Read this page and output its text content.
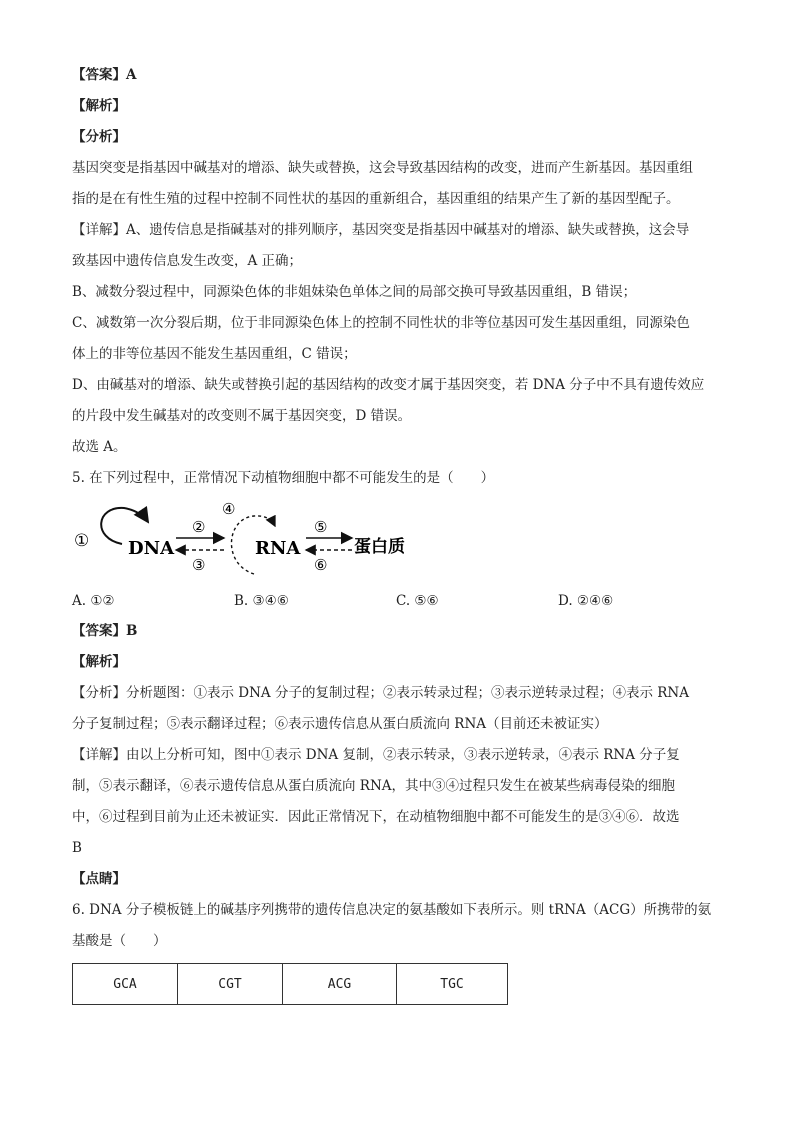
【答案】A
【解析】
【分析】
基因突变是指基因中碱基对的增添、缺失或替换，这会导致基因结构的改变，进而产生新基因。基因重组
指的是在有性生殖的过程中控制不同性状的基因的重新组合，基因重组的结果产生了新的基因型配子。
【详解】A、遗传信息是指碱基对的排列顺序，基因突变是指基因中碱基对的增添、缺失或替换，这会导
致基因中遗传信息发生改变，A 正确；
B、减数分裂过程中，同源染色体的非姐妹染色单体之间的局部交换可导致基因重组，B 错误；
C、减数第一次分裂后期，位于非同源染色体上的控制不同性状的非等位基因可发生基因重组，同源染色
体上的非等位基因不能发生基因重组，C 错误；
D、由碱基对的增添、缺失或替换引起的基因结构的改变才属于基因突变，若 DNA 分子中不具有遗传效应
的片段中发生碱基对的改变则不属于基因突变，D 错误。
故选 A。
5. 在下列过程中，正常情况下动植物细胞中都不可能发生的是（　　）
① DNA
②
③
④
RNA
⑤
⑥
蛋白质
A. ①②	B. ③④⑥	C. ⑤⑥	D. ②④⑥
【答案】B
【解析】
【分析】分析题图：①表示 DNA 分子的复制过程；②表示转录过程；③表示逆转录过程；④表示 RNA
分子复制过程；⑤表示翻译过程；⑥表示遗传信息从蛋白质流向 RNA（目前还未被证实）
【详解】由以上分析可知，图中①表示 DNA 复制，②表示转录，③表示逆转录，④表示 RNA 分子复
制，⑤表示翻译，⑥表示遗传信息从蛋白质流向 RNA，其中③④过程只发生在被某些病毒侵染的细胞
中，⑥过程到目前为止还未被证实．因此正常情况下，在动植物细胞中都不可能发生的是③④⑥．故选
B
【点睛】
6. DNA 分子模板链上的碱基序列携带的遗传信息决定的氨基酸如下表所示。则 tRNA（ACG）所携带的氨
基酸是（　　）
GCA	CGT	ACG	TGC
